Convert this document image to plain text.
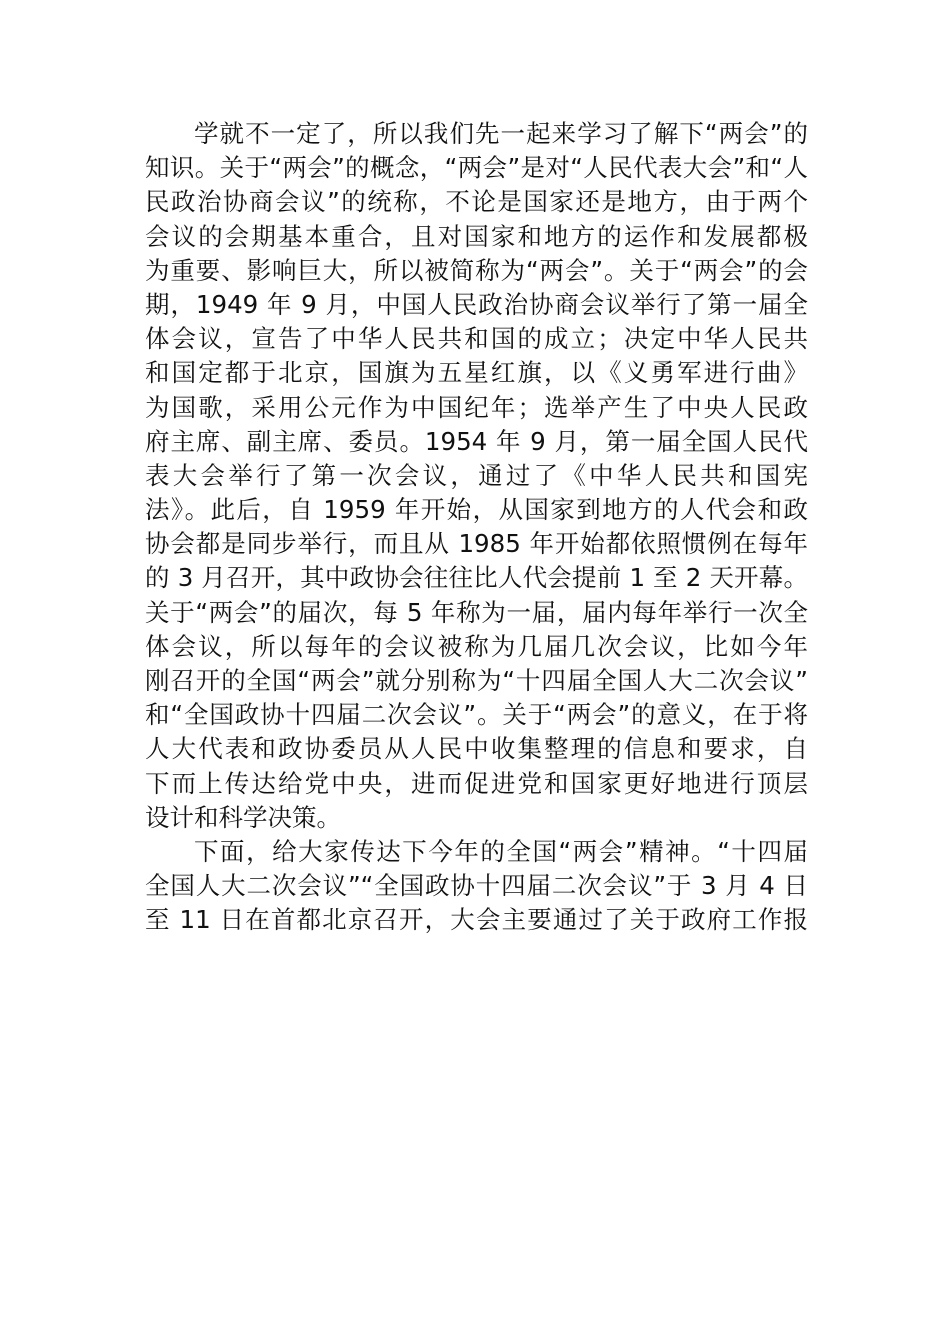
学就不一定了，所以我们先一起来学习了解下“两会”的
知识。关于“两会”的概念，“两会”是对“人民代表大会”和“人
民政治协商会议”的统称，不论是国家还是地方，由于两个
会议的会期基本重合，且对国家和地方的运作和发展都极
为重要、影响巨大，所以被简称为“两会”。关于“两会”的会
期，1949 年 9 月，中国人民政治协商会议举行了第一届全
体会议，宣告了中华人民共和国的成立；决定中华人民共
和国定都于北京，国旗为五星红旗，以《义勇军进行曲》
为国歌，采用公元作为中国纪年；选举产生了中央人民政
府主席、副主席、委员。1954 年 9 月，第一届全国人民代
表大会举行了第一次会议，通过了《中华人民共和国宪
法》。此后，自 1959 年开始，从国家到地方的人代会和政
协会都是同步举行，而且从 1985 年开始都依照惯例在每年
的 3 月召开，其中政协会往往比人代会提前 1 至 2 天开幕。
关于“两会”的届次，每 5 年称为一届，届内每年举行一次全
体会议，所以每年的会议被称为几届几次会议，比如今年
刚召开的全国“两会”就分别称为“十四届全国人大二次会议”
和“全国政协十四届二次会议”。关于“两会”的意义，在于将
人大代表和政协委员从人民中收集整理的信息和要求，自
下而上传达给党中央，进而促进党和国家更好地进行顶层
设计和科学决策。
下面，给大家传达下今年的全国“两会”精神。“十四届
全国人大二次会议”“全国政协十四届二次会议”于 3 月 4 日
至 11 日在首都北京召开，大会主要通过了关于政府工作报
